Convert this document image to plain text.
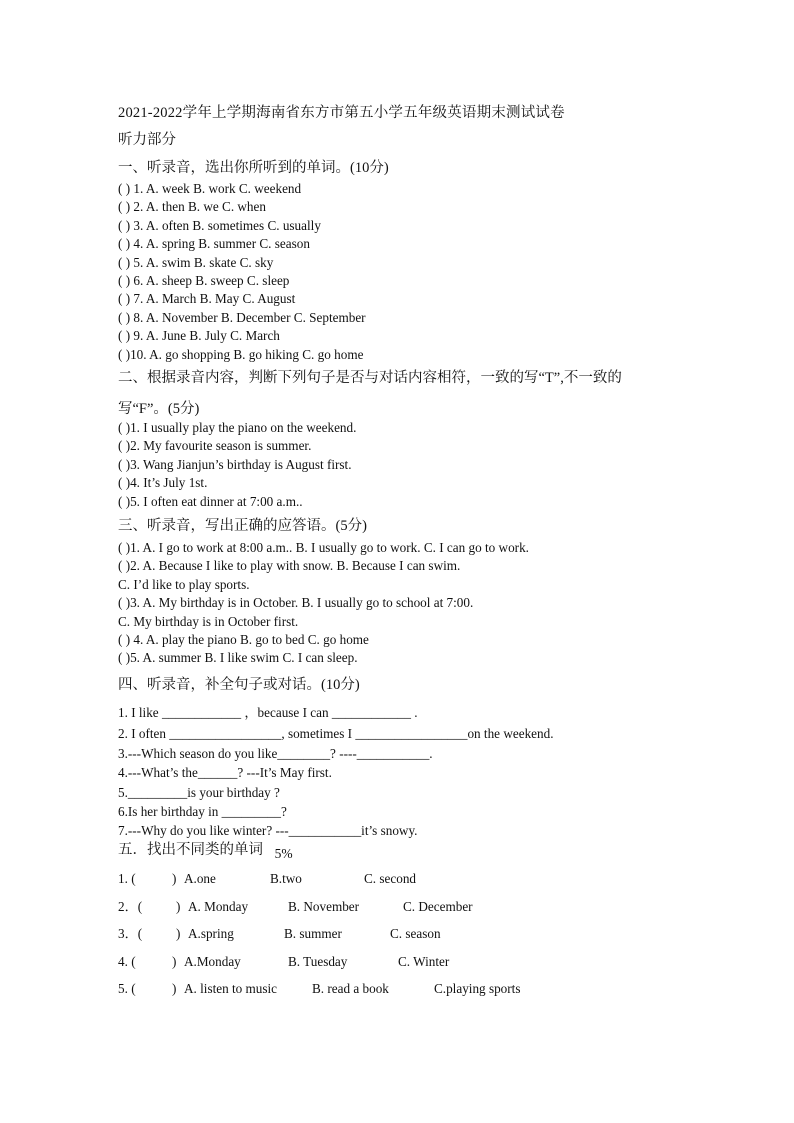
2021-2022学年上学期海南省东方市第五小学五年级英语期末测试试卷
听力部分
一、听录音，选出你所听到的单词。(10分)
( ) 1. A. week B. work C. weekend
( ) 2. A. then B. we C. when
( ) 3. A. often B. sometimes C. usually
( ) 4. A. spring B. summer C. season
( ) 5. A. swim B. skate C. sky
( ) 6. A. sheep B. sweep C. sleep
( ) 7. A. March B. May C. August
( ) 8. A. November B. December C. September
( ) 9. A. June B. July C. March
( )10. A. go shopping B. go hiking C. go home
二、根据录音内容，判断下列句子是否与对话内容相符，一致的写“T”,不一致的
写“F”。(5分)
( )1. I usually play the piano on the weekend.
( )2. My favourite season is summer.
( )3. Wang Jianjun’s birthday is August first.
( )4. It’s July 1st.
( )5. I often eat dinner at 7:00 a.m..
三、听录音，写出正确的应答语。(5分)
( )1. A. I go to work at 8:00 a.m.. B. I usually go to work. C. I can go to work.
( )2. A. Because I like to play with snow. B. Because I can swim.
C. I’d like to play sports.
( )3. A. My birthday is in October. B. I usually go to school at 7:00.
C. My birthday is in October first.
( ) 4. A. play the piano B. go to bed C. go home
( )5. A. summer B. I like swim C. I can sleep.
四、听录音，补全句子或对话。(10分)
1. I like ____________ ，because I can ____________ .
2. I often _________________, sometimes I _________________on the weekend.
3.---Which season do you like________? ----___________.
4.---What’s the______? ---It’s May first.
5._________is your birthday ?
6.Is her birthday in _________?
7.---Why do you like winter? ---___________it’s snowy.
五．找出不同类的单词 5%
1. (	) A.one	B.two	C. second
2．(	) A. Monday	B. November	C. December
3．(	) A.spring	B. summer	C. season
4. (	) A.Monday	B. Tuesday	C. Winter
5. (	) A. listen to music	B. read a book	C.playing sports
